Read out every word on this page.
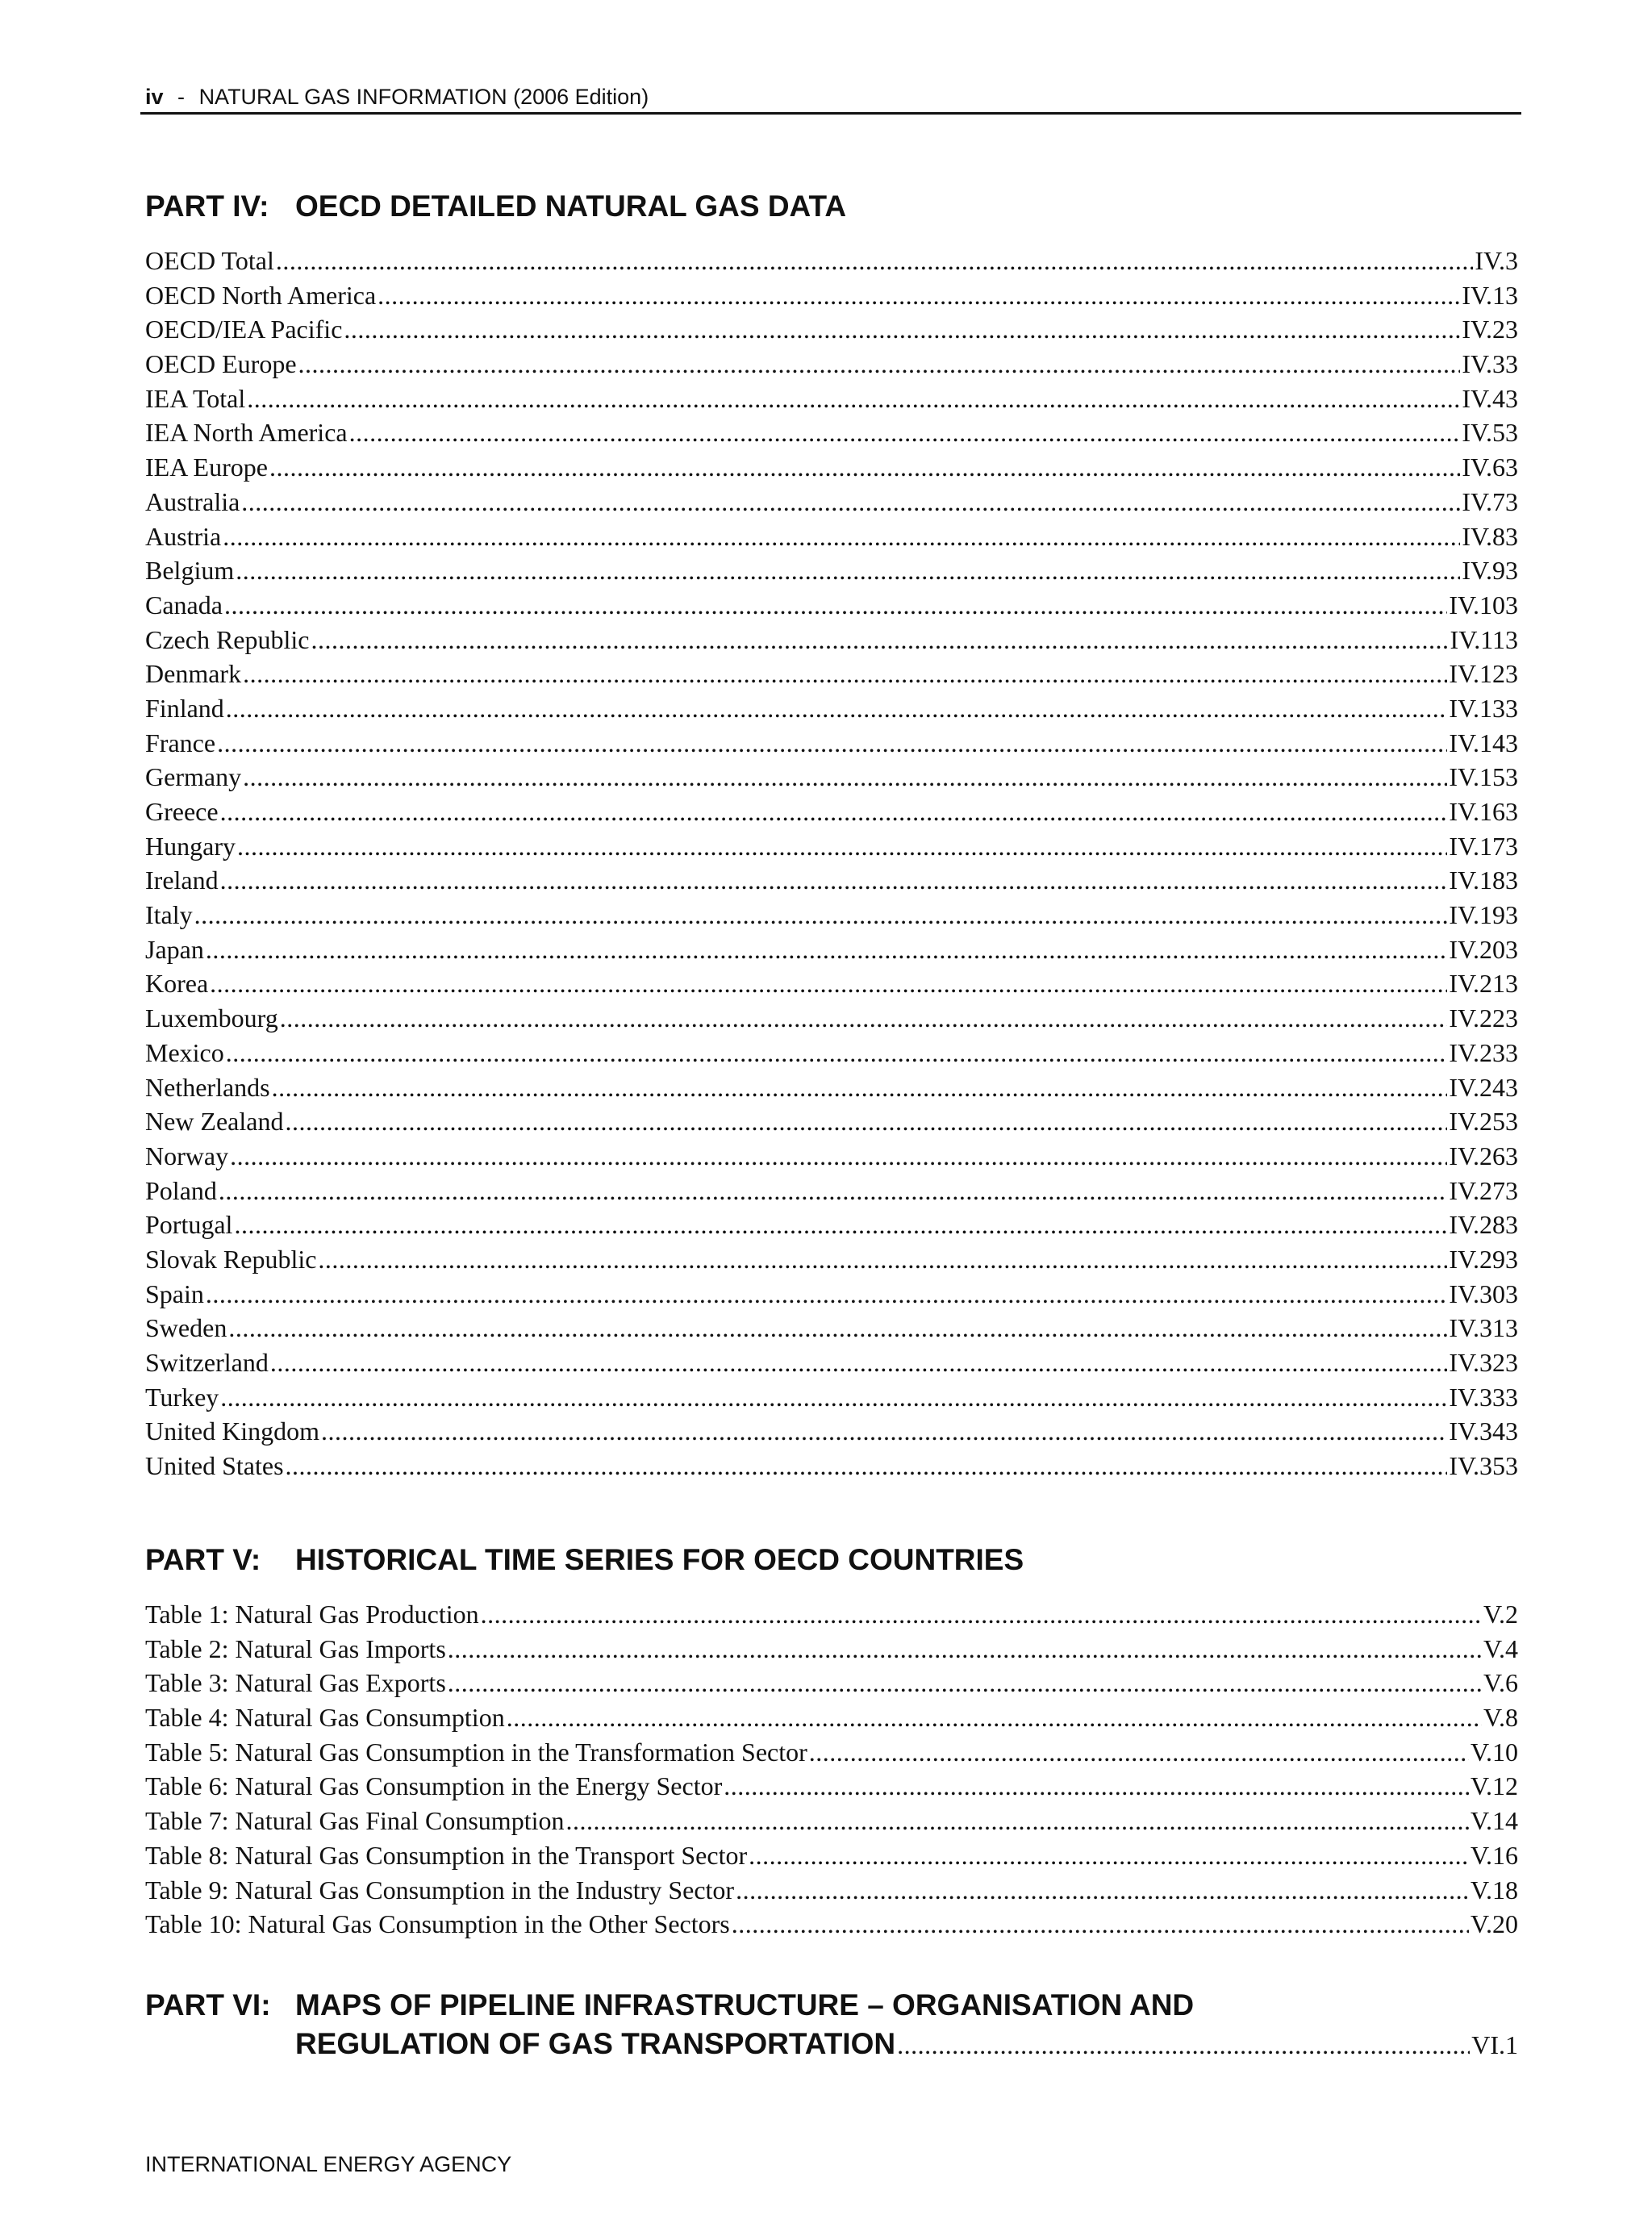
iv - NATURAL GAS INFORMATION (2006 Edition)
PART IV: OECD DETAILED NATURAL GAS DATA
OECD Total .....	IV.3
OECD North America .....	IV.13
OECD/IEA Pacific .....	IV.23
OECD Europe .....	IV.33
IEA Total .....	IV.43
IEA North America .....	IV.53
IEA Europe .....	IV.63
Australia .....	IV.73
Austria .....	IV.83
Belgium .....	IV.93
Canada .....	IV.103
Czech Republic .....	IV.113
Denmark .....	IV.123
Finland .....	IV.133
France .....	IV.143
Germany .....	IV.153
Greece .....	IV.163
Hungary .....	IV.173
Ireland .....	IV.183
Italy .....	IV.193
Japan .....	IV.203
Korea .....	IV.213
Luxembourg .....	IV.223
Mexico .....	IV.233
Netherlands .....	IV.243
New Zealand .....	IV.253
Norway .....	IV.263
Poland .....	IV.273
Portugal .....	IV.283
Slovak Republic .....	IV.293
Spain .....	IV.303
Sweden .....	IV.313
Switzerland .....	IV.323
Turkey .....	IV.333
United Kingdom .....	IV.343
United States .....	IV.353
PART V: HISTORICAL TIME SERIES FOR OECD COUNTRIES
Table 1: Natural Gas Production .....	V.2
Table 2: Natural Gas Imports .....	V.4
Table 3: Natural Gas Exports .....	V.6
Table 4: Natural Gas Consumption .....	V.8
Table 5: Natural Gas Consumption in the Transformation Sector .....	V.10
Table 6: Natural Gas Consumption in the Energy Sector .....	V.12
Table 7: Natural Gas Final Consumption .....	V.14
Table 8: Natural Gas Consumption in the Transport Sector .....	V.16
Table 9: Natural Gas Consumption in the Industry Sector .....	V.18
Table 10: Natural Gas Consumption in the Other Sectors .....	V.20
PART VI: MAPS OF PIPELINE INFRASTRUCTURE – ORGANISATION AND
REGULATION OF GAS TRANSPORTATION .....	VI.1
INTERNATIONAL ENERGY AGENCY
